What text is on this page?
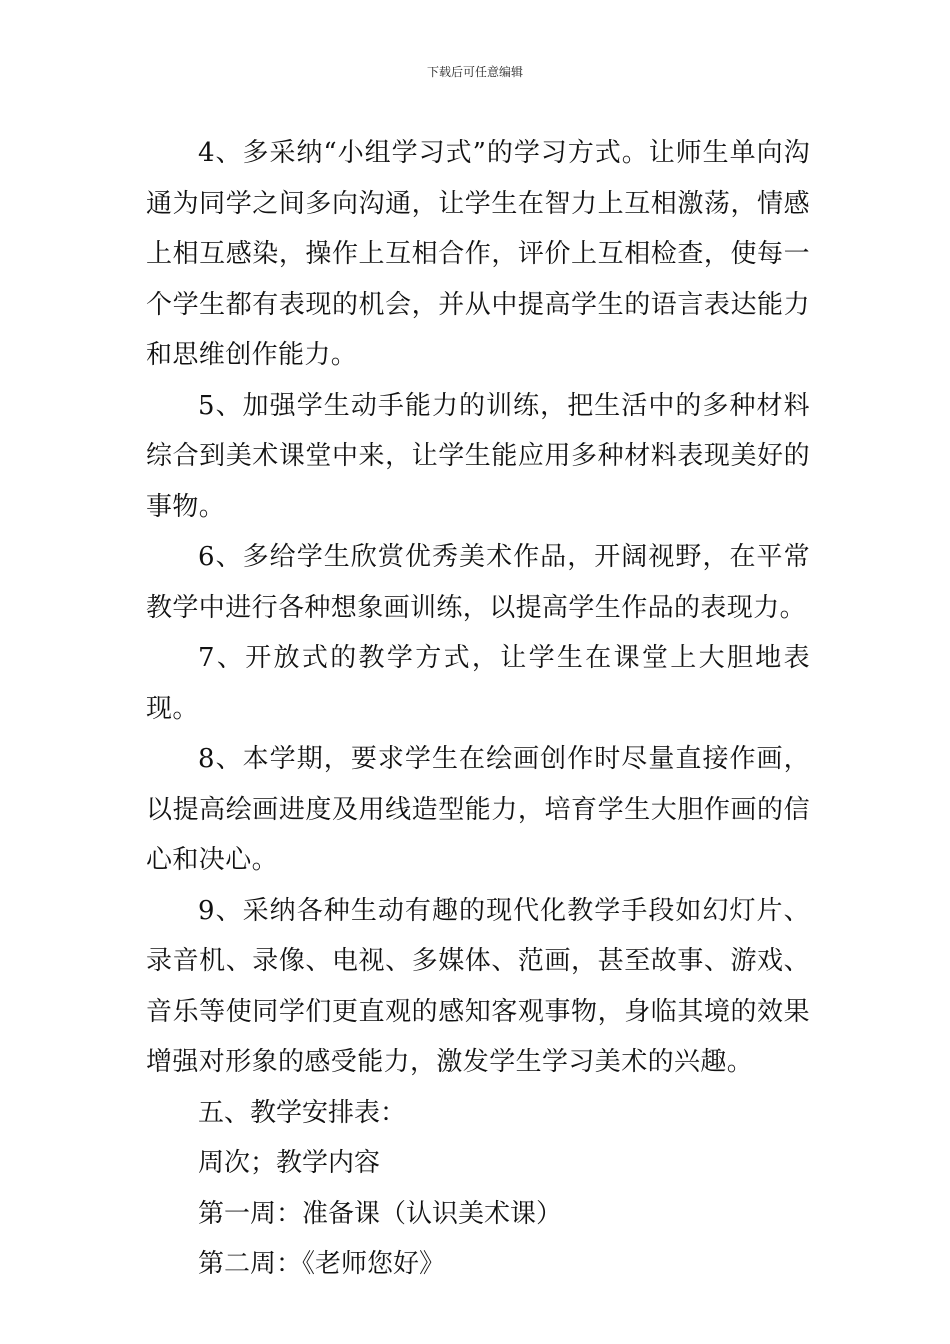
下载后可任意编辑

4、多采纳“小组学习式”的学习方式。让师生单向沟通为同学之间多向沟通，让学生在智力上互相激荡，情感上相互感染，操作上互相合作，评价上互相检查，使每一个学生都有表现的机会，并从中提高学生的语言表达能力和思维创作能力。

5、加强学生动手能力的训练，把生活中的多种材料综合到美术课堂中来，让学生能应用多种材料表现美好的事物。

6、多给学生欣赏优秀美术作品，开阔视野，在平常教学中进行各种想象画训练，以提高学生作品的表现力。

7、开放式的教学方式，让学生在课堂上大胆地表现。

8、本学期，要求学生在绘画创作时尽量直接作画，以提高绘画进度及用线造型能力，培育学生大胆作画的信心和决心。

9、采纳各种生动有趣的现代化教学手段如幻灯片、录音机、录像、电视、多媒体、范画，甚至故事、游戏、音乐等使同学们更直观的感知客观事物，身临其境的效果增强对形象的感受能力，激发学生学习美术的兴趣。

五、教学安排表：

周次；教学内容

第一周：准备课（认识美术课）

第二周：《老师您好》
